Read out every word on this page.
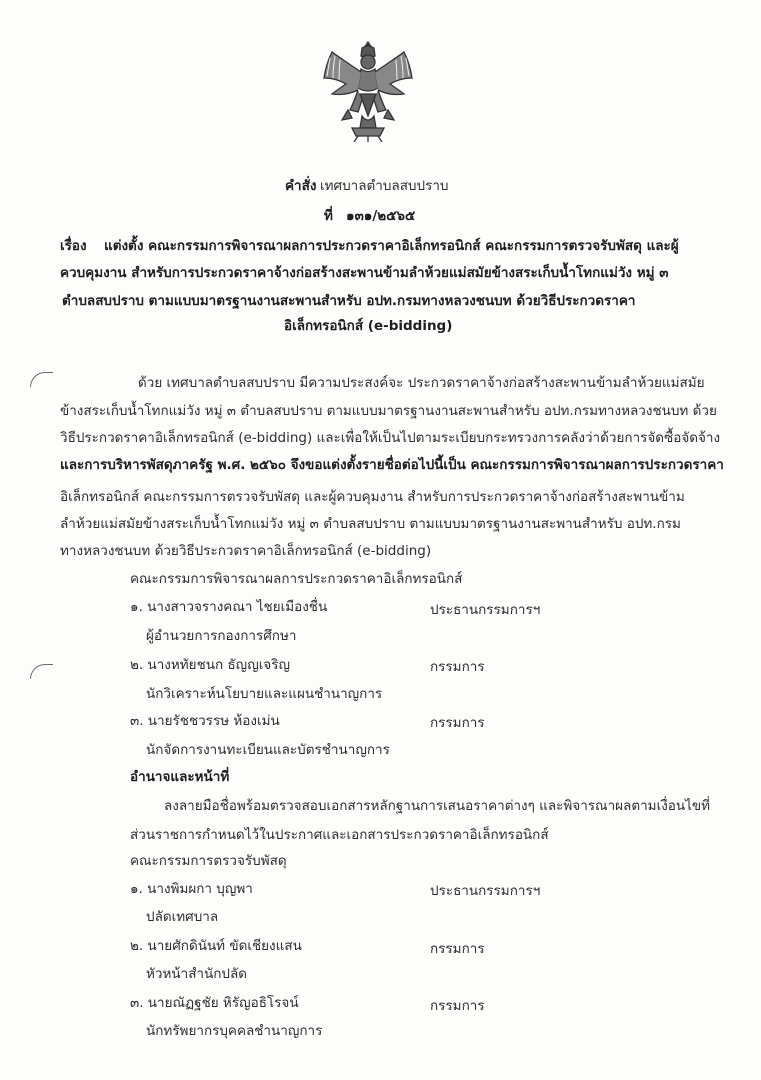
คำสั่ง เทศบาลตำบลสบปราบ
ที่ ๑๓๑/๒๕๖๕
เรื่อง แต่งตั้ง คณะกรรมการพิจารณาผลการประกวดราคาอิเล็กทรอนิกส์ คณะกรรมการตรวจรับพัสดุ และผู้
ควบคุมงาน สำหรับการประกวดราคาจ้างก่อสร้างสะพานข้ามลำห้วยแม่สมัยข้างสระเก็บน้ำโทกแม่วัง หมู่ ๓
ตำบลสบปราบ ตามแบบมาตรฐานงานสะพานสำหรับ อปท.กรมทางหลวงชนบท ด้วยวิธีประกวดราคา
อิเล็กทรอนิกส์ (e-bidding)
ด้วย เทศบาลตำบลสบปราบ มีความประสงค์จะ ประกวดราคาจ้างก่อสร้างสะพานข้ามลำห้วยแม่สมัย
ข้างสระเก็บน้ำโทกแม่วัง หมู่ ๓ ตำบลสบปราบ ตามแบบมาตรฐานงานสะพานสำหรับ อปท.กรมทางหลวงชนบท ด้วย
วิธีประกวดราคาอิเล็กทรอนิกส์ (e-bidding) และเพื่อให้เป็นไปตามระเบียบกระทรวงการคลังว่าด้วยการจัดซื้อจัดจ้าง
และการบริหารพัสดุภาครัฐ พ.ศ. ๒๕๖๐ จึงขอแต่งตั้งรายชื่อต่อไปนี้เป็น คณะกรรมการพิจารณาผลการประกวดราคา
อิเล็กทรอนิกส์ คณะกรรมการตรวจรับพัสดุ และผู้ควบคุมงาน สำหรับการประกวดราคาจ้างก่อสร้างสะพานข้าม
ลำห้วยแม่สมัยข้างสระเก็บน้ำโทกแม่วัง หมู่ ๓ ตำบลสบปราบ ตามแบบมาตรฐานงานสะพานสำหรับ อปท.กรม
ทางหลวงชนบท ด้วยวิธีประกวดราคาอิเล็กทรอนิกส์ (e-bidding)
คณะกรรมการพิจารณาผลการประกวดราคาอิเล็กทรอนิกส์
๑. นางสาวจรางคณา ไชยเมืองชื่น	ประธานกรรมการฯ
ผู้อำนวยการกองการศึกษา
๒. นางหทัยชนก ธัญญเจริญ	กรรมการ
นักวิเคราะห์นโยบายและแผนชำนาญการ
๓. นายรัชชวรรษ ห้องเม่น	กรรมการ
นักจัดการงานทะเบียนและบัตรชำนาญการ
อำนาจและหน้าที่
ลงลายมือชื่อพร้อมตรวจสอบเอกสารหลักฐานการเสนอราคาต่างๆ และพิจารณาผลตามเงื่อนไขที่
ส่วนราชการกำหนดไว้ในประกาศและเอกสารประกวดราคาอิเล็กทรอนิกส์
คณะกรรมการตรวจรับพัสดุ
๑. นางพิมผกา บุญพา	ประธานกรรมการฯ
ปลัดเทศบาล
๒. นายศักดินันท์ ขัดเชียงแสน	กรรมการ
หัวหน้าสำนักปลัด
๓. นายณัฏฐชัย หิรัญอธิโรจน์	กรรมการ
นักทรัพยากรบุคคลชำนาญการ
